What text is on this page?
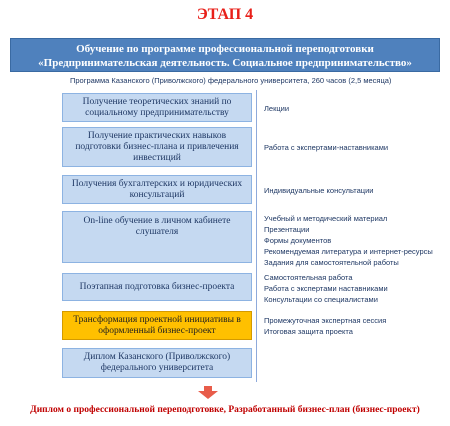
ЭТАП 4
Обучение по программе профессиональной переподготовки
«Предпринимательская деятельность. Социальное предпринимательство»
Программа Казанского (Приволжского) федерального университета, 260 часов (2,5 месяца)
Получение теоретических знаний по социальному предпринимательству	Лекции
Получение практических навыков подготовки бизнес-плана и привлечения инвестиций
Работа с экспертами-наставниками
Получения бухгалтерских и юридических консультаций	Индивидуальные консультации
On-line обучение в личном кабинете слушателя
Учебный и методический материал
Презентации
Формы документов
Рекомендуемая литература и интернет-ресурсы
Задания для самостоятельной работы
Поэтапная подготовка бизнес-проекта
Самостоятельная работа
Работа с экспертами наставниками
Консультации со специалистами
Трансформация проектной инициативы в оформленный бизнес-проект
Промежуточная экспертная сессия
Итоговая защита проекта
Диплом Казанского (Приволжского) федерального университета
Диплом о профессиональной переподготовке, Разработанный бизнес-план (бизнес-проект)
